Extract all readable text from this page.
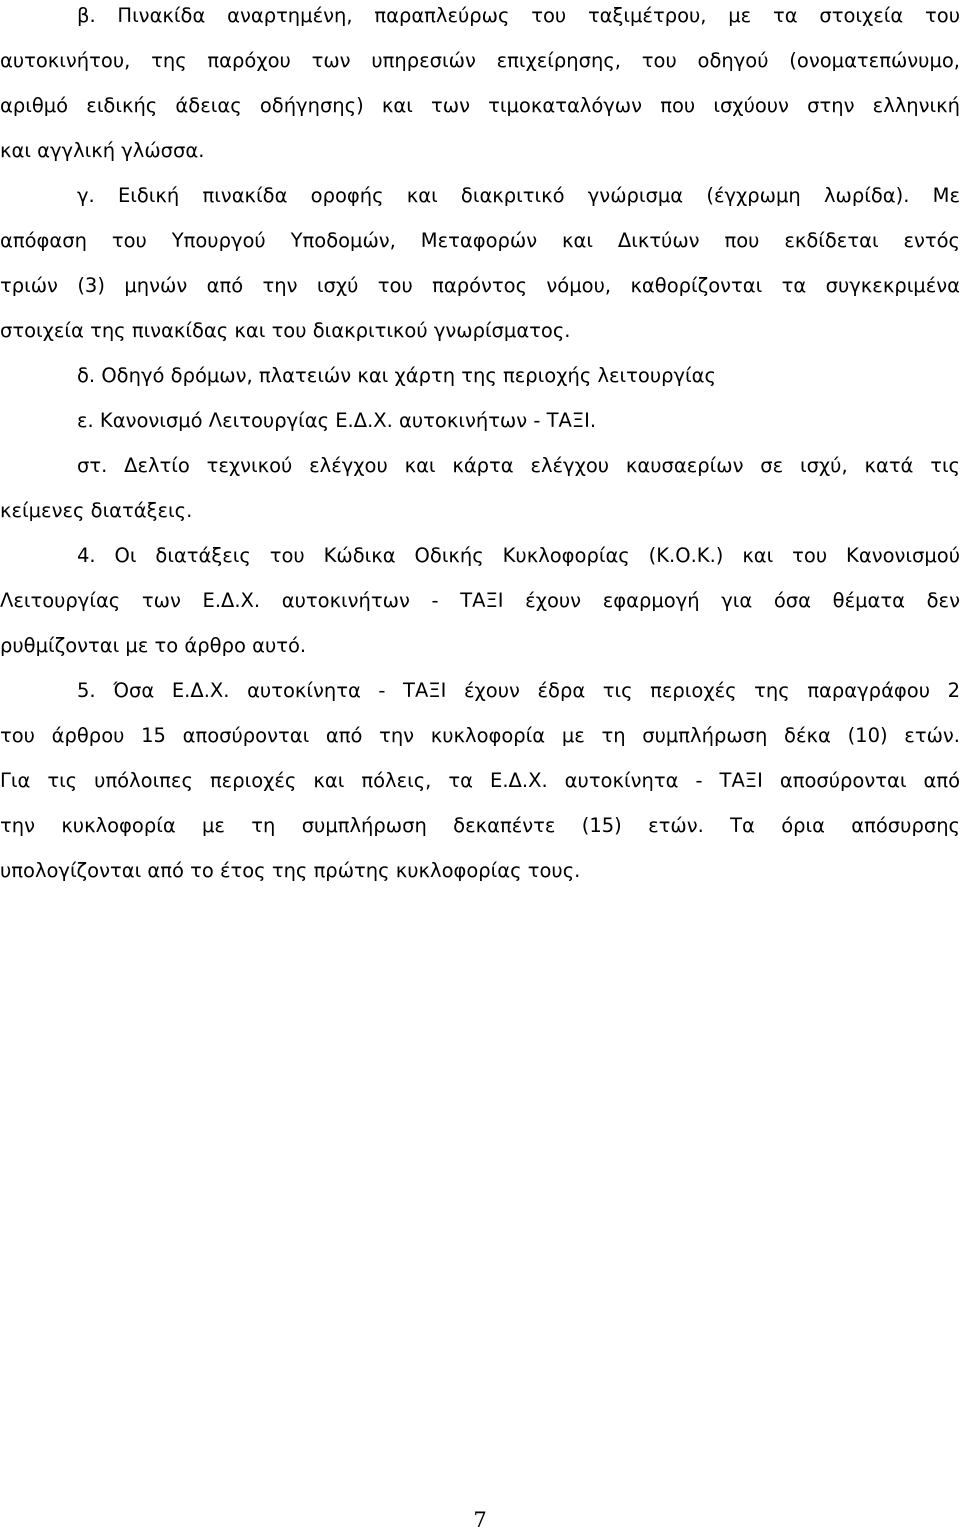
β. Πινακίδα αναρτημένη, παραπλεύρως του ταξιμέτρου, με τα στοιχεία του
αυτοκινήτου, της παρόχου των υπηρεσιών επιχείρησης, του οδηγού (ονοματεπώνυμο,
αριθμό ειδικής άδειας οδήγησης) και των τιμοκαταλόγων που ισχύουν στην ελληνική
και αγγλική γλώσσα.
γ. Ειδική πινακίδα οροφής και διακριτικό γνώρισμα (έγχρωμη λωρίδα). Με
απόφαση του Υπουργού Υποδομών, Μεταφορών και Δικτύων που εκδίδεται εντός
τριών (3) μηνών από την ισχύ του παρόντος νόμου, καθορίζονται τα συγκεκριμένα
στοιχεία της πινακίδας και του διακριτικού γνωρίσματος.
δ. Οδηγό δρόμων, πλατειών και χάρτη της περιοχής λειτουργίας
ε. Κανονισμό Λειτουργίας Ε.Δ.Χ. αυτοκινήτων - ΤΑΞΙ.
στ. Δελτίο τεχνικού ελέγχου και κάρτα ελέγχου καυσαερίων σε ισχύ, κατά τις
κείμενες διατάξεις.
4. Οι διατάξεις του Κώδικα Οδικής Κυκλοφορίας (Κ.Ο.Κ.) και του Κανονισμού
Λειτουργίας των Ε.Δ.Χ. αυτοκινήτων - ΤΑΞΙ έχουν εφαρμογή για όσα θέματα δεν
ρυθμίζονται με το άρθρο αυτό.
5. Όσα Ε.Δ.Χ. αυτοκίνητα - ΤΑΞΙ έχουν έδρα τις περιοχές της παραγράφου 2
του άρθρου 15 αποσύρονται από την κυκλοφορία με τη συμπλήρωση δέκα (10) ετών.
Για τις υπόλοιπες περιοχές και πόλεις, τα Ε.Δ.Χ. αυτοκίνητα - ΤΑΞΙ αποσύρονται από
την κυκλοφορία με τη συμπλήρωση δεκαπέντε (15) ετών. Τα όρια απόσυρσης
υπολογίζονται από το έτος της πρώτης κυκλοφορίας τους.
7
